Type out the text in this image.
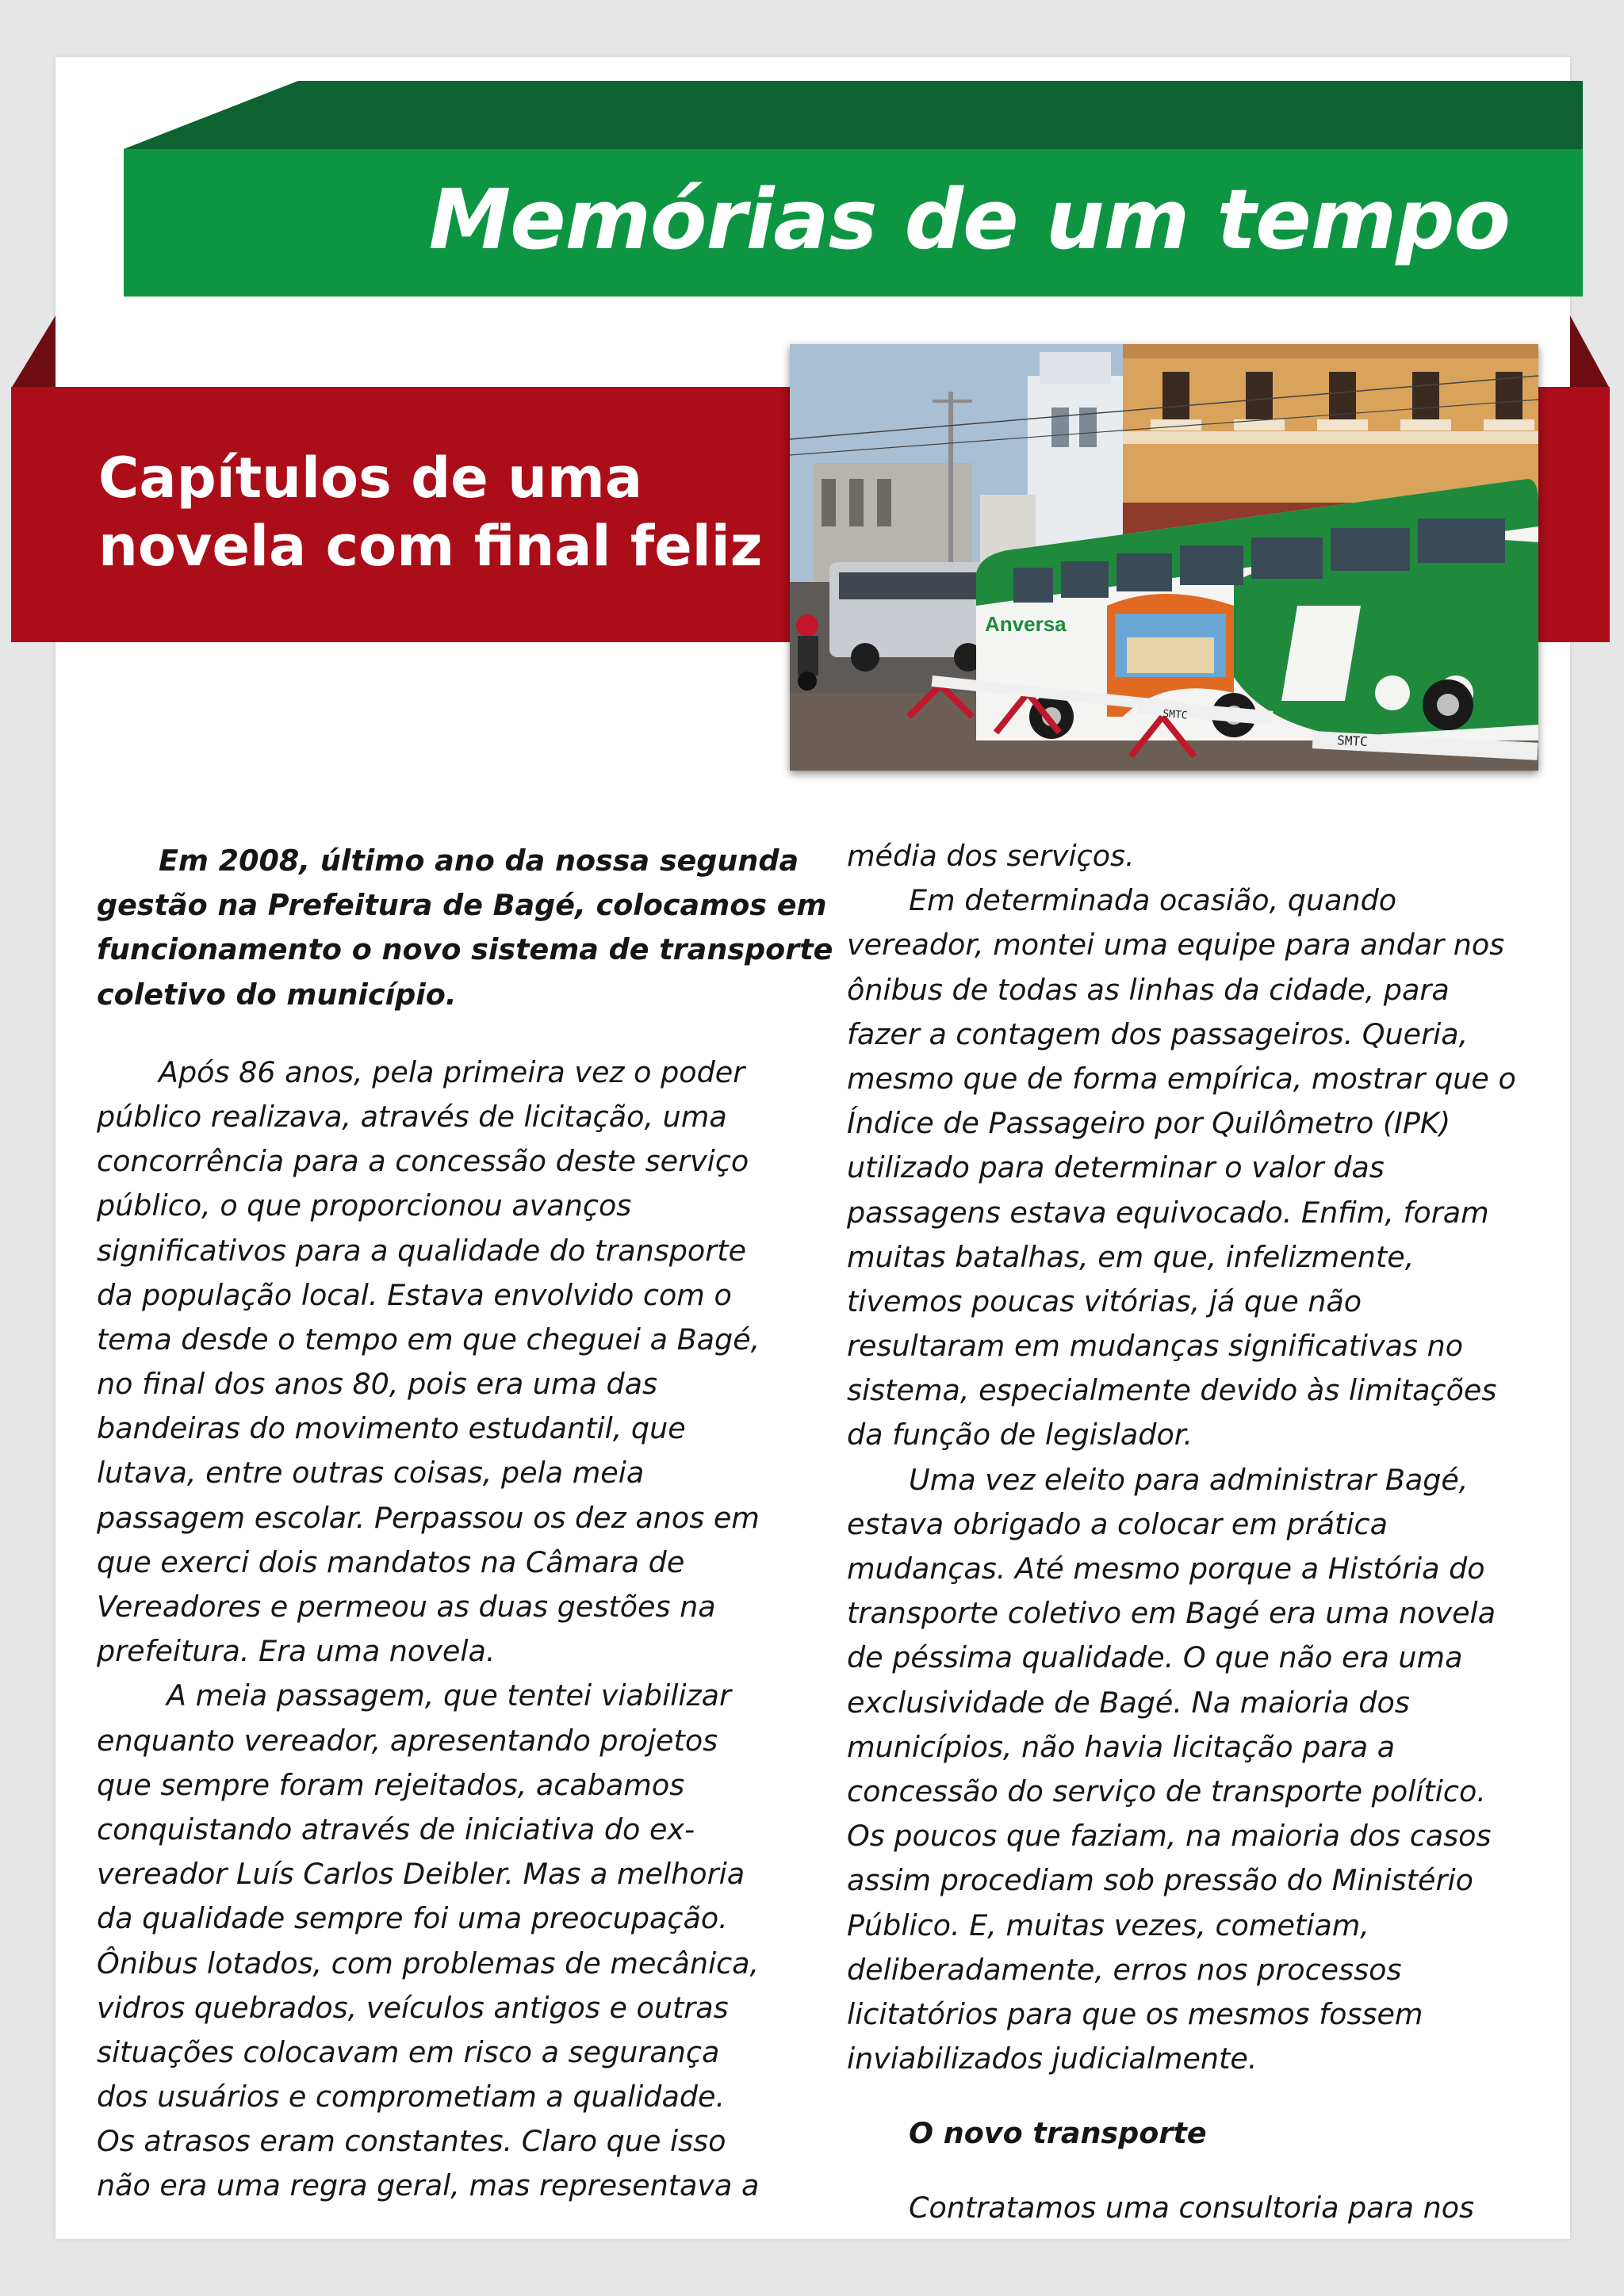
Memórias de um tempo
Capítulos de uma
novela com final feliz
Anversa
SMTC
SMTC
Em 2008, último ano da nossa segunda
gestão na Prefeitura de Bagé, colocamos em
funcionamento o novo sistema de transporte
coletivo do município.
Após 86 anos, pela primeira vez o poder
público realizava, através de licitação, uma
concorrência para a concessão deste serviço
público, o que proporcionou avanços
significativos para a qualidade do transporte
da população local. Estava envolvido com o
tema desde o tempo em que cheguei a Bagé,
no final dos anos 80, pois era uma das
bandeiras do movimento estudantil, que
lutava, entre outras coisas, pela meia
passagem escolar. Perpassou os dez anos em
que exerci dois mandatos na Câmara de
Vereadores e permeou as duas gestões na
prefeitura. Era uma novela.
A meia passagem, que tentei viabilizar
enquanto vereador, apresentando projetos
que sempre foram rejeitados, acabamos
conquistando através de iniciativa do ex-
vereador Luís Carlos Deibler. Mas a melhoria
da qualidade sempre foi uma preocupação.
Ônibus lotados, com problemas de mecânica,
vidros quebrados, veículos antigos e outras
situações colocavam em risco a segurança
dos usuários e comprometiam a qualidade.
Os atrasos eram constantes. Claro que isso
não era uma regra geral, mas representava a
média dos serviços.
Em determinada ocasião, quando
vereador, montei uma equipe para andar nos
ônibus de todas as linhas da cidade, para
fazer a contagem dos passageiros. Queria,
mesmo que de forma empírica, mostrar que o
Índice de Passageiro por Quilômetro (IPK)
utilizado para determinar o valor das
passagens estava equivocado. Enfim, foram
muitas batalhas, em que, infelizmente,
tivemos poucas vitórias, já que não
resultaram em mudanças significativas no
sistema, especialmente devido às limitações
da função de legislador.
Uma vez eleito para administrar Bagé,
estava obrigado a colocar em prática
mudanças. Até mesmo porque a História do
transporte coletivo em Bagé era uma novela
de péssima qualidade. O que não era uma
exclusividade de Bagé. Na maioria dos
municípios, não havia licitação para a
concessão do serviço de transporte político.
Os poucos que faziam, na maioria dos casos
assim procediam sob pressão do Ministério
Público. E, muitas vezes, cometiam,
deliberadamente, erros nos processos
licitatórios para que os mesmos fossem
inviabilizados judicialmente.
O novo transporte
Contratamos uma consultoria para nos
